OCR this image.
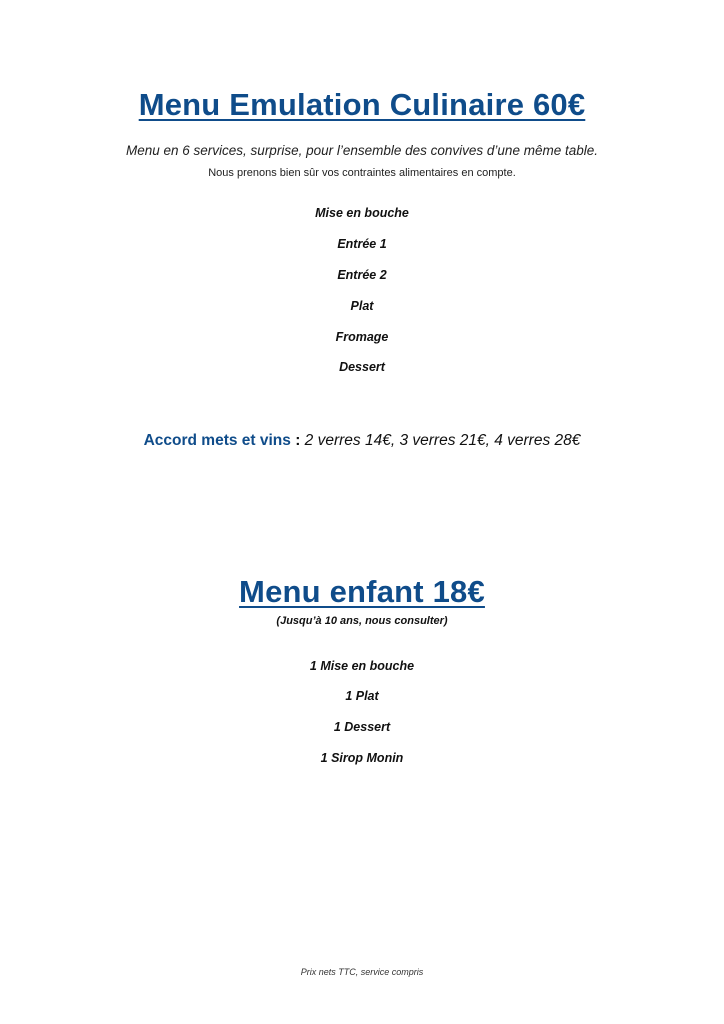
Menu Emulation Culinaire 60€
Menu en 6 services, surprise, pour l’ensemble des convives d’une même table.
Nous prenons bien sûr vos contraintes alimentaires en compte.
Mise en bouche
Entrée 1
Entrée 2
Plat
Fromage
Dessert
Accord mets et vins : 2 verres 14€, 3 verres 21€, 4 verres 28€
Menu enfant 18€
(Jusqu’à 10 ans, nous consulter)
1 Mise en bouche
1 Plat
1 Dessert
1 Sirop Monin
Prix nets TTC, service compris
